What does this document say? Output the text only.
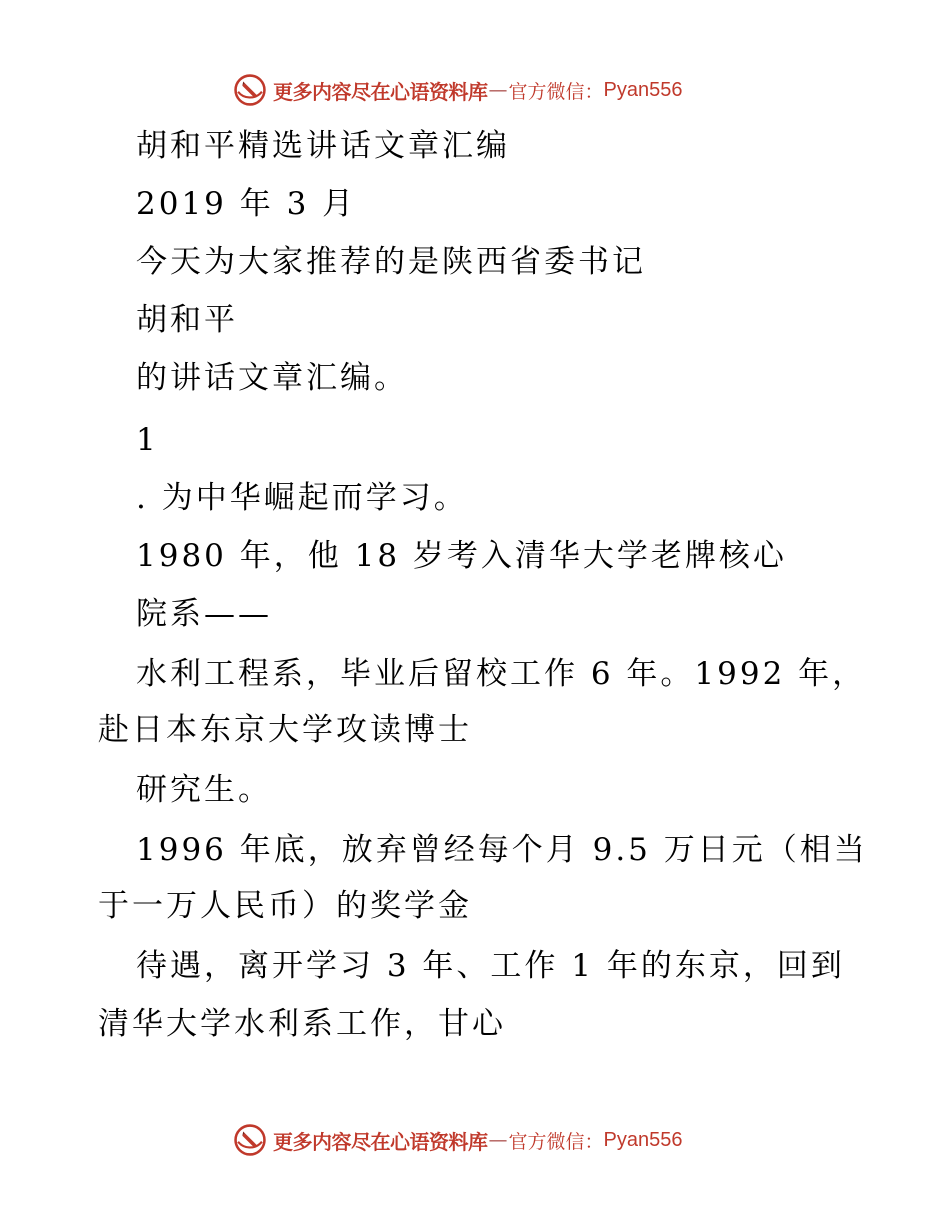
更多内容尽在心语资料库 — 官方微信： Pyan556
胡和平精选讲话文章汇编
2019 年 3 月
今天为大家推荐的是陕西省委书记
胡和平
的讲话文章汇编。
1
. 为中华崛起而学习。
1980 年，他 18 岁考入清华大学老牌核心
院系——
水利工程系，毕业后留校工作 6 年。1992 年，
赴日本东京大学攻读博士
研究生。
1996 年底，放弃曾经每个月 9.5 万日元（相当
于一万人民币）的奖学金
待遇，离开学习 3 年、工作 1 年的东京，回到
清华大学水利系工作，甘心
更多内容尽在心语资料库 — 官方微信： Pyan556
